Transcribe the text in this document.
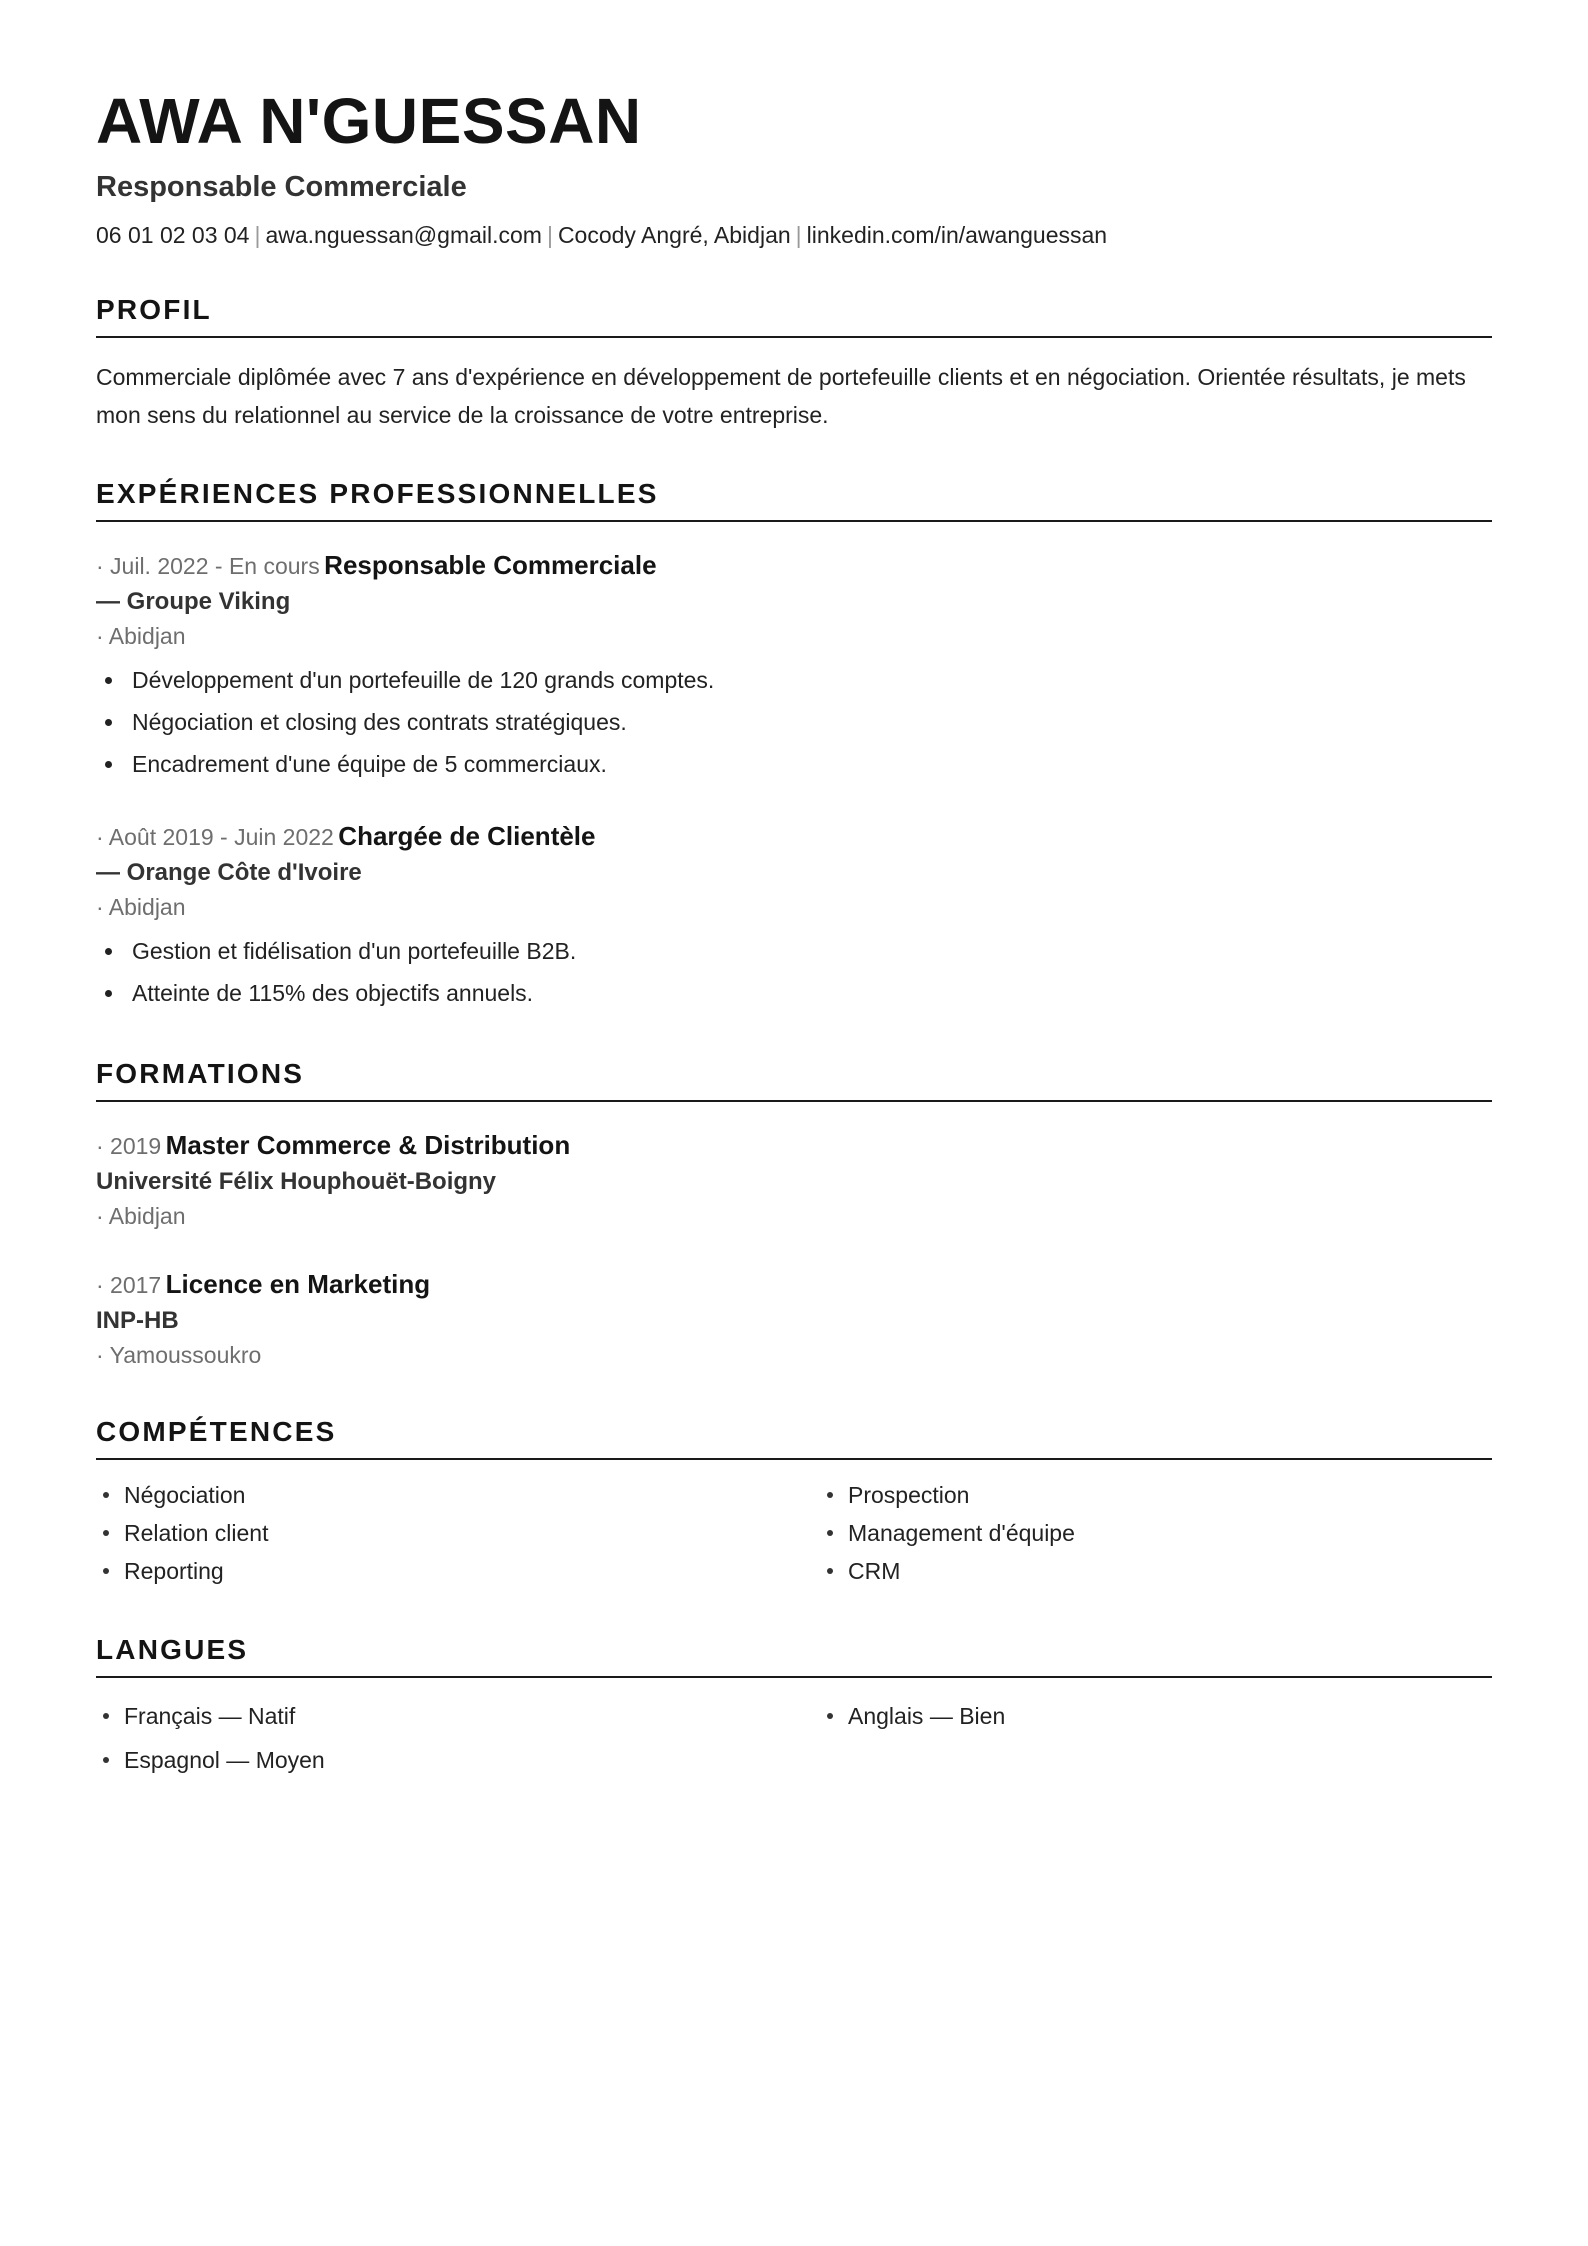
AWA N'GUESSAN
Responsable Commerciale
06 01 02 03 04 | awa.nguessan@gmail.com | Cocody Angré, Abidjan | linkedin.com/in/awanguessan
PROFIL
Commerciale diplômée avec 7 ans d'expérience en développement de portefeuille clients et en négociation. Orientée résultats, je mets mon sens du relationnel au service de la croissance de votre entreprise.
EXPÉRIENCES PROFESSIONNELLES
· Juil. 2022 - En cours Responsable Commerciale
— Groupe Viking
· Abidjan
Développement d'un portefeuille de 120 grands comptes.
Négociation et closing des contrats stratégiques.
Encadrement d'une équipe de 5 commerciaux.
· Août 2019 - Juin 2022 Chargée de Clientèle
— Orange Côte d'Ivoire
· Abidjan
Gestion et fidélisation d'un portefeuille B2B.
Atteinte de 115% des objectifs annuels.
FORMATIONS
· 2019 Master Commerce & Distribution
Université Félix Houphouët-Boigny
· Abidjan
· 2017 Licence en Marketing
INP-HB
· Yamoussoukro
COMPÉTENCES
Négociation	Prospection
Relation client	Management d'équipe
Reporting	CRM
LANGUES
Français — Natif	Anglais — Bien
Espagnol — Moyen
